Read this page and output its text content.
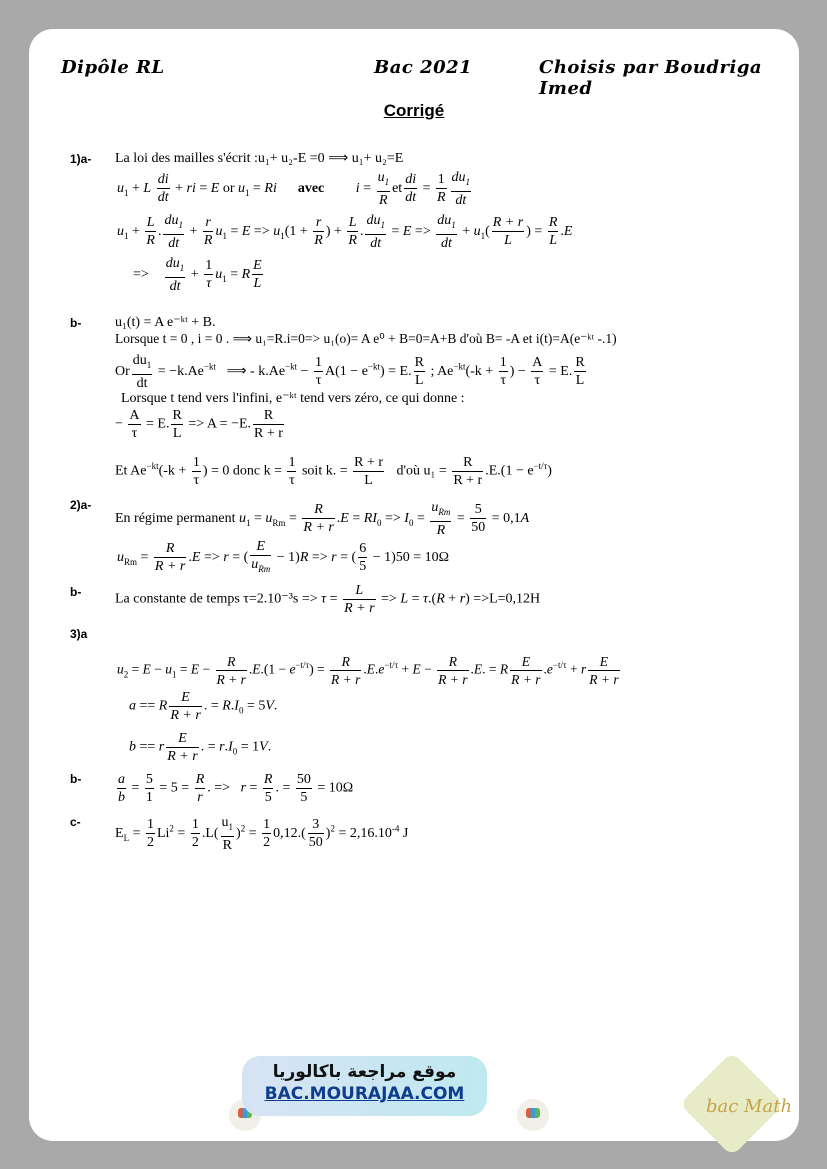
Dipôle RL	Bac 2021	Choisis par Boudriga Imed
Corrigé
1)a- La loi des mailles s'écrit :u₁+ u₂-E =0 ⟹ u₁+ u₂=E
$u_1 + L \frac{di}{dt}$ + ri = E or $u_1 = Ri$ avec $i = \frac{u_1}{R}$ et $\frac{di}{dt} = \frac{1}{R} \frac{du_1}{dt}$
$u_1 + \frac{L}{R}$ . $\frac{du_1}{dt} + \frac{r}{R} u_1 = E => u_1(1 + \frac{r}{R}$ ) + $\frac{L}{R}$ . $\frac{du_1}{dt} = E => \frac{du_1}{dt} + u_1( \frac{R + r}{L}$ ) = $\frac{R}{L} .E$
=> $\frac{du_1}{dt} + \frac{1}{\tau} u_1 = R \frac{E}{L}$
b- u₁(t) = A e⁻ᵏᵗ + B.
Lorsque t = 0 , i = 0 . ⟹ u₁=R.i=0=> u₁(o)= A e⁰ + B=0=A+B d'où B= -A et i(t)=A(e⁻ᵏᵗ -.1)
Or $\frac{du_1}{dt} = -k.Ae^{-kt}$   ⟹ - $k.Ae^{-kt} - \frac{1}{\tau} A(1 - e^{-kt}) = E$. $\frac{R}{L}$ ; $Ae^{-kt}(-k + \frac{1}{\tau}$ ) − $\frac{A}{\tau} = E$. $\frac{R}{L}$
Lorsque t tend vers l'infini, e⁻ᵏᵗ tend vers zéro, ce qui donne :
− $\frac{A}{\tau} = E$. $\frac{R}{L} => A = -E$. $\frac{R}{R + r}$
Et $Ae^{-kt}(-k + \frac{1}{\tau}$ ) = 0 donc $k = \frac{1}{\tau}$ soit k. = $\frac{R + r}{L}$ d'où $u_1 = \frac{R}{R + r} .E.(1 - e^{-t/\tau})$
2)a-
En régime permanent $u_1 = u_{Rm} = \frac{R}{R + r} .E = RI_0 => I_0 = \frac{u_{Rm}}{R} = \frac{5}{50} = 0,1A$
$u_{Rm} = \frac{R}{R + r} .E => r$ = ( $\frac{E}{u_{Rm}} - 1)R => r$ = ( $\frac{6}{5} - 1)50 = 10\Omega$
b- La constante de temps $\tau=2.10^{-3}s => \tau = \frac{L}{R + r} => L = \tau.(R + r) =>L=0,12H$
3)a
$u_2 = E - u_1 = E - \frac{R}{R + r} .E.(1 - e^{-t/\tau}) = \frac{R}{R + r} .E.e^{-t/\tau} + E - \frac{R}{R + r} .E$. = R $\frac{E}{R + r} .e^{-t/\tau} + r \frac{E}{R + r}$
a == R $\frac{E}{R + r}$ . = $R.I_0 = 5V$.
b == r $\frac{E}{R + r}$ . = $r.I_0 = 1V$.
b-	$\frac{a}{b} = \frac{5}{1} = 5 = \frac{R}{r}$ . =>   $r = \frac{R}{5}$ . = $\frac{50}{5} = 10\Omega$
c-
$E_L = \frac{1}{2} Li^2 = \frac{1}{2} .L( \frac{u_1}{R} )^2 = \frac{1}{2} 0,12.( \frac{3}{50} )^2 = 2,16.10^{-4}$ J
موقع مراجعة باكالوريا
BAC.MOURAJAA.COM
bac Math
